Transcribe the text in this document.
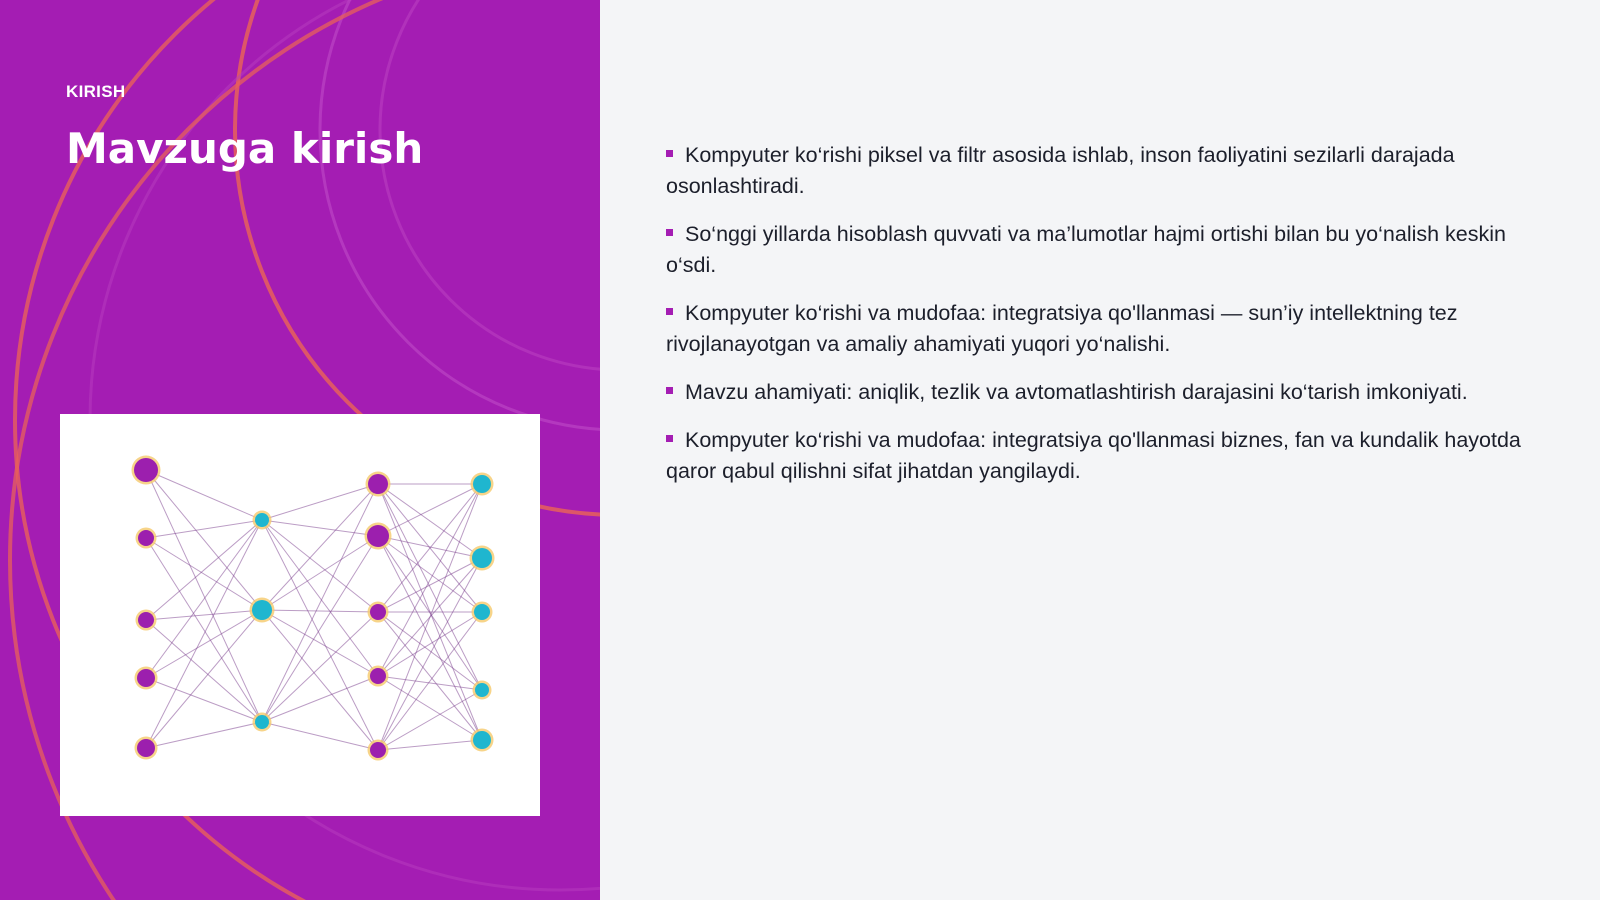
KIRISH
Mavzuga kirish	Kompyuter ko‘rishi piksel va filtr asosida ishlab, inson faoliyatini sezilarli darajada osonlashtiradi.
So‘nggi yillarda hisoblash quvvati va ma’lumotlar hajmi ortishi bilan bu yo‘nalish keskin o‘sdi.
Kompyuter ko‘rishi va mudofaa: integratsiya qo'llanmasi — sun’iy intellektning tez rivojlanayotgan va amaliy ahamiyati yuqori yo‘nalishi.
Mavzu ahamiyati: aniqlik, tezlik va avtomatlashtirish darajasini ko‘tarish imkoniyati.
Kompyuter ko‘rishi va mudofaa: integratsiya qo'llanmasi biznes, fan va kundalik hayotda qaror qabul qilishni sifat jihatdan yangilaydi.
